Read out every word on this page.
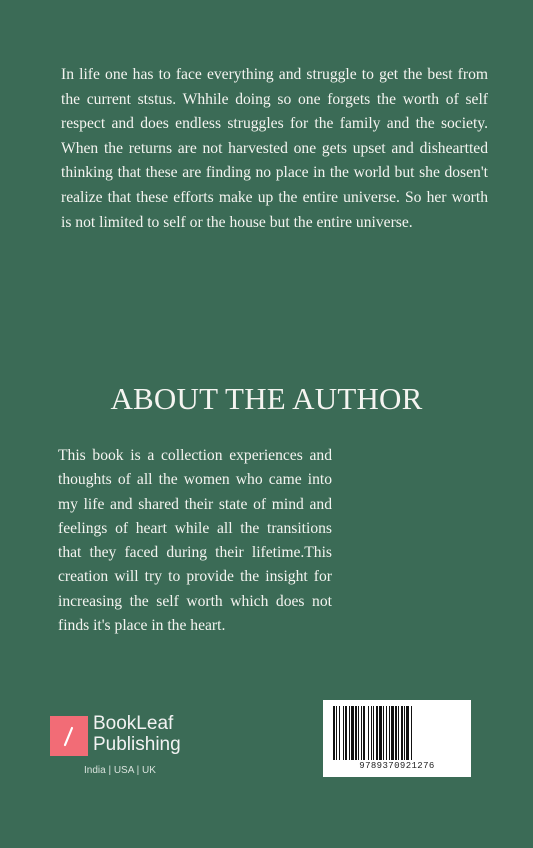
In life one has to face everything and struggle to get the best from the current ststus. Whhile doing so one forgets the worth of self respect and does endless struggles for the family and the society. When the returns are not harvested one gets upset and disheartted thinking that these are finding no place in the world but she dosen't realize that these efforts make up the entire universe. So her worth is not limited to self or the house but the entire universe.

ABOUT THE AUTHOR

This book is a collection experiences and thoughts of all the women who came into my life and shared their state of mind and feelings of heart while all the transitions that they faced during their lifetime.This creation will try to provide the insight for increasing the self worth which does not finds it's place in the heart.

BookLeaf
Publishing
India | USA | UK	9789370921276
